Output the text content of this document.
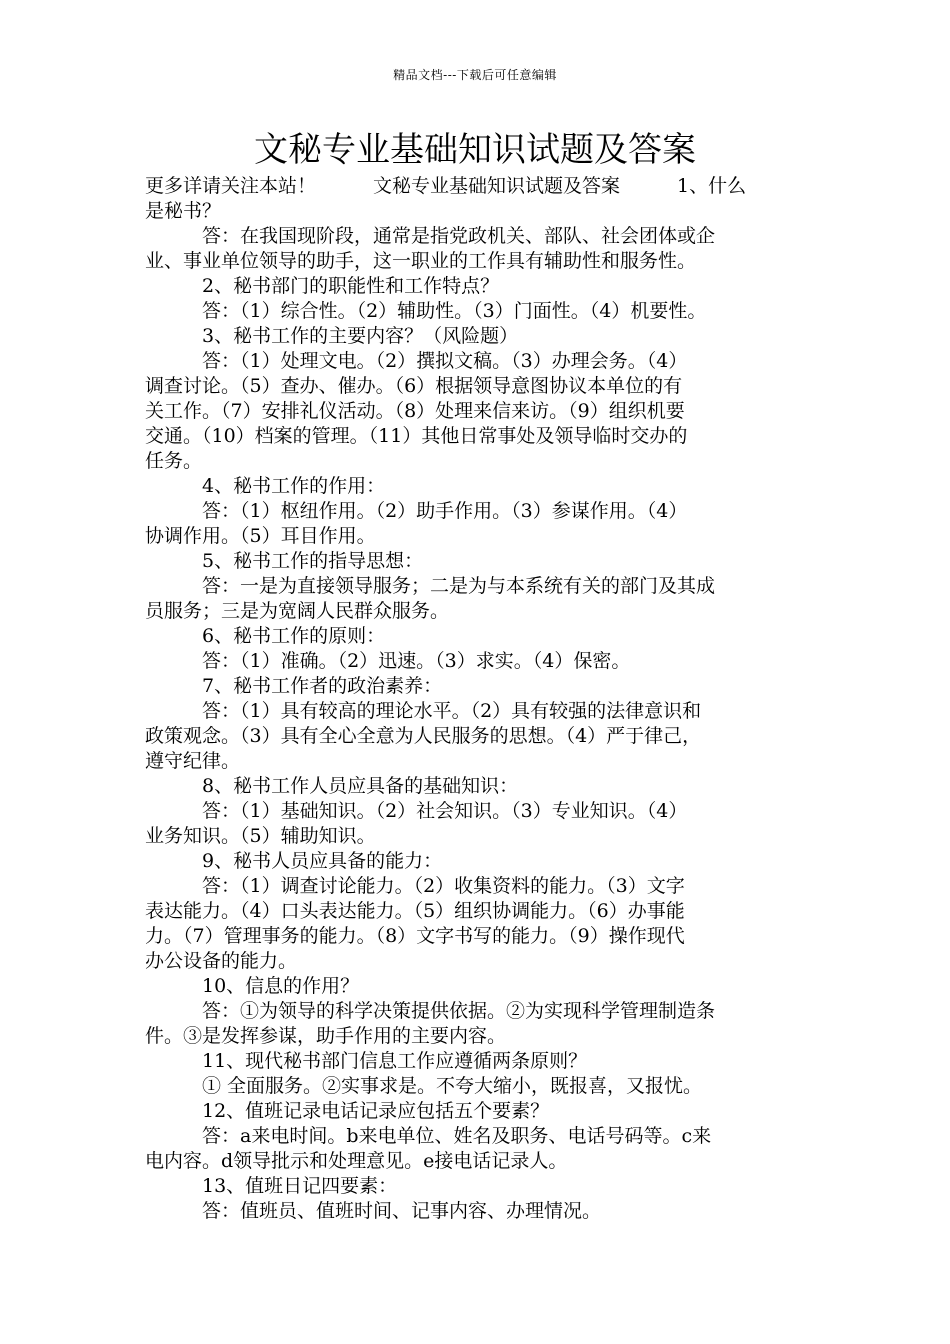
精品文档---下载后可任意编辑
文秘专业基础知识试题及答案
更多详请关注本站！　　　文秘专业基础知识试题及答案　　　1、什么
是秘书？
答：在我国现阶段，通常是指党政机关、部队、社会团体或企
业、事业单位领导的助手，这一职业的工作具有辅助性和服务性。
2、秘书部门的职能性和工作特点？
答：（1）综合性。（2）辅助性。（3）门面性。（4）机要性。
3、秘书工作的主要内容？（风险题）
答：（1）处理文电。（2）撰拟文稿。（3）办理会务。（4）
调查讨论。（5）查办、催办。（6）根据领导意图协议本单位的有
关工作。（7）安排礼仪活动。（8）处理来信来访。（9）组织机要
交通。（10）档案的管理。（11）其他日常事处及领导临时交办的
任务。
4、秘书工作的作用：
答：（1）枢纽作用。（2）助手作用。（3）参谋作用。（4）
协调作用。（5）耳目作用。
5、秘书工作的指导思想：
答：一是为直接领导服务；二是为与本系统有关的部门及其成
员服务；三是为宽阔人民群众服务。
6、秘书工作的原则：
答：（1）准确。（2）迅速。（3）求实。（4）保密。
7、秘书工作者的政治素养：
答：（1）具有较高的理论水平。（2）具有较强的法律意识和
政策观念。（3）具有全心全意为人民服务的思想。（4）严于律己，
遵守纪律。
8、秘书工作人员应具备的基础知识：
答：（1）基础知识。（2）社会知识。（3）专业知识。（4）
业务知识。（5）辅助知识。
9、秘书人员应具备的能力：
答：（1）调查讨论能力。（2）收集资料的能力。（3）文字
表达能力。（4）口头表达能力。（5）组织协调能力。（6）办事能
力。（7）管理事务的能力。（8）文字书写的能力。（9）操作现代
办公设备的能力。
10、信息的作用？
答：①为领导的科学决策提供依据。②为实现科学管理制造条
件。③是发挥参谋，助手作用的主要内容。
11、现代秘书部门信息工作应遵循两条原则？
① 全面服务。②实事求是。不夸大缩小，既报喜，又报忧。
12、值班记录电话记录应包括五个要素？
答：a来电时间。b来电单位、姓名及职务、电话号码等。c来
电内容。d领导批示和处理意见。e接电话记录人。
13、值班日记四要素：
答：值班员、值班时间、记事内容、办理情况。
